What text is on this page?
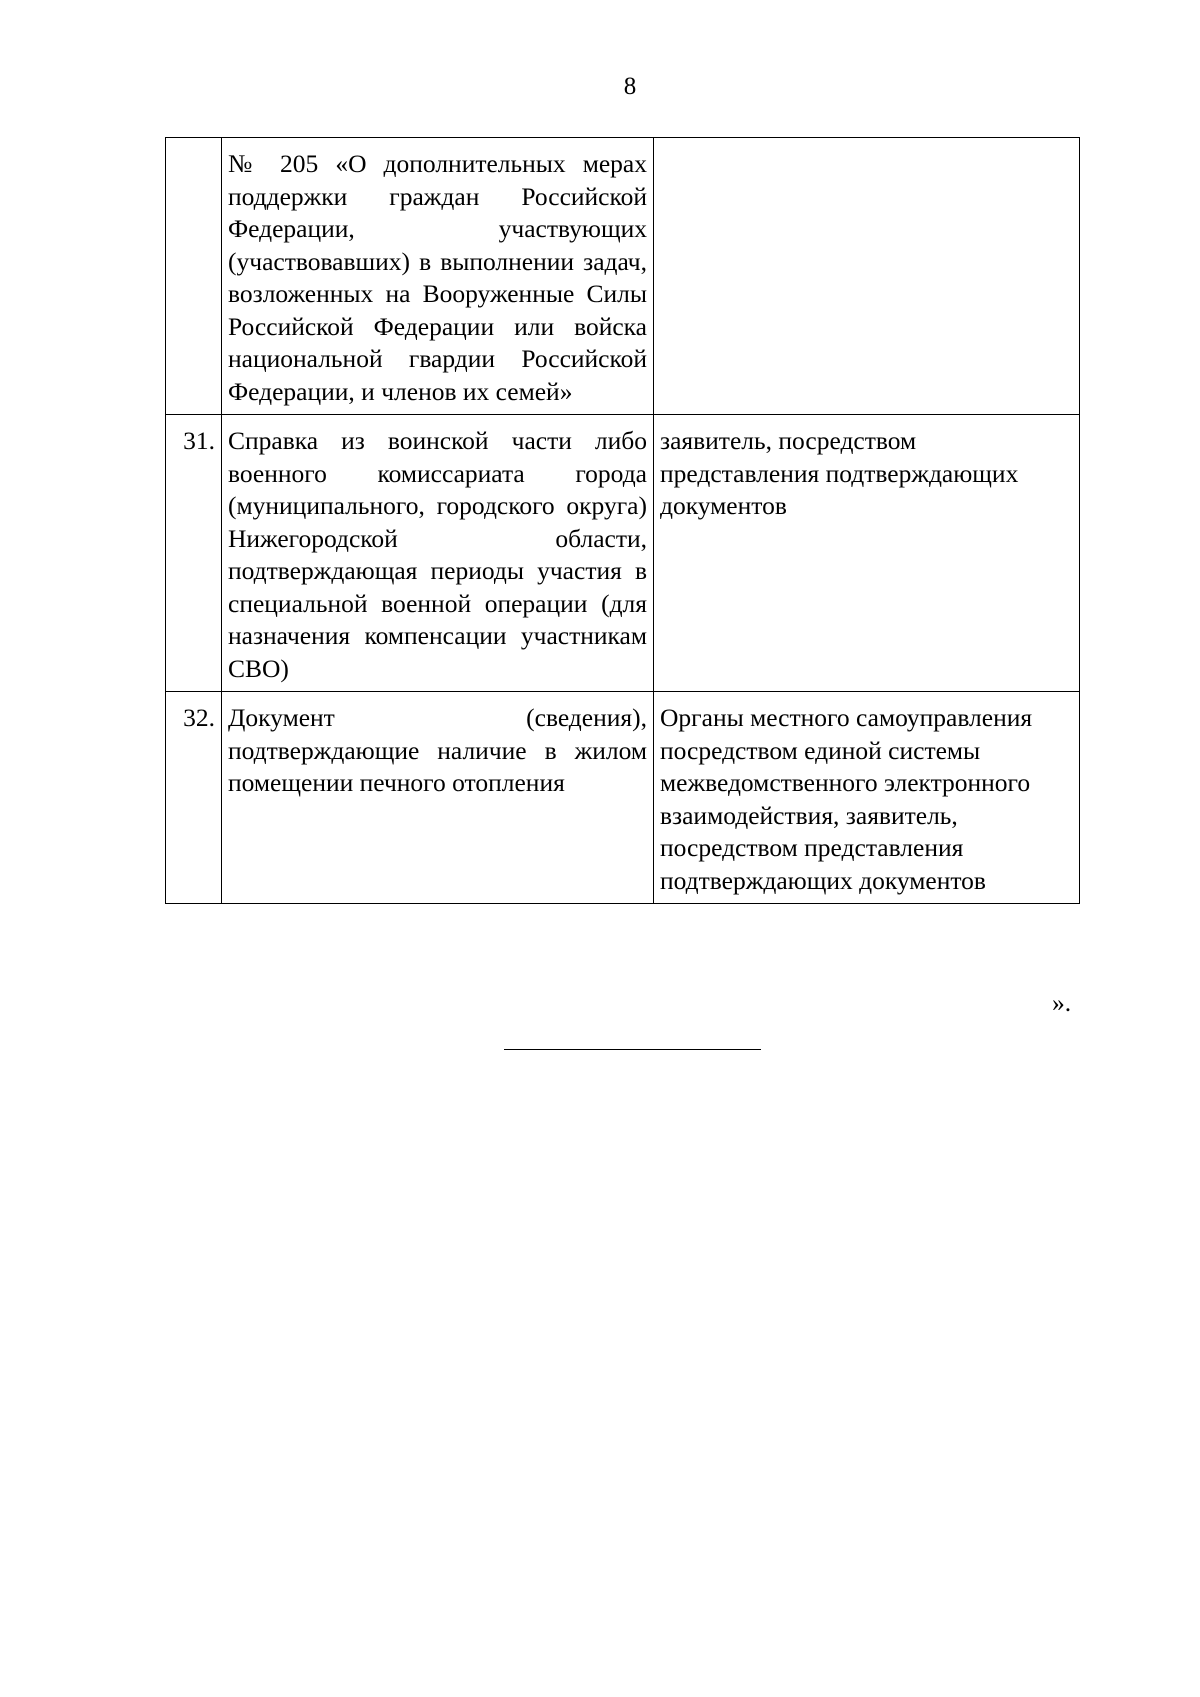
8
	№ 205 «О дополнительных мерах поддержки граждан Российской Федерации, участвующих (участвовавших) в выполнении задач, возложенных на Вооруженные Силы Российской Федерации или войска национальной гвардии Российской Федерации, и членов их семей»	
31.	Справка из воинской части либо военного комиссариата города (муниципального, городского округа) Нижегородской области, подтверждающая периоды участия в специальной военной операции (для назначения компенсации участникам СВО)	заявитель, посредством представления подтверждающих документов
32.	Документ (сведения), подтверждающие наличие в жилом помещении печного отопления	Органы местного самоуправления посредством единой системы межведомственного электронного взаимодействия, заявитель, посредством представления подтверждающих документов
».
